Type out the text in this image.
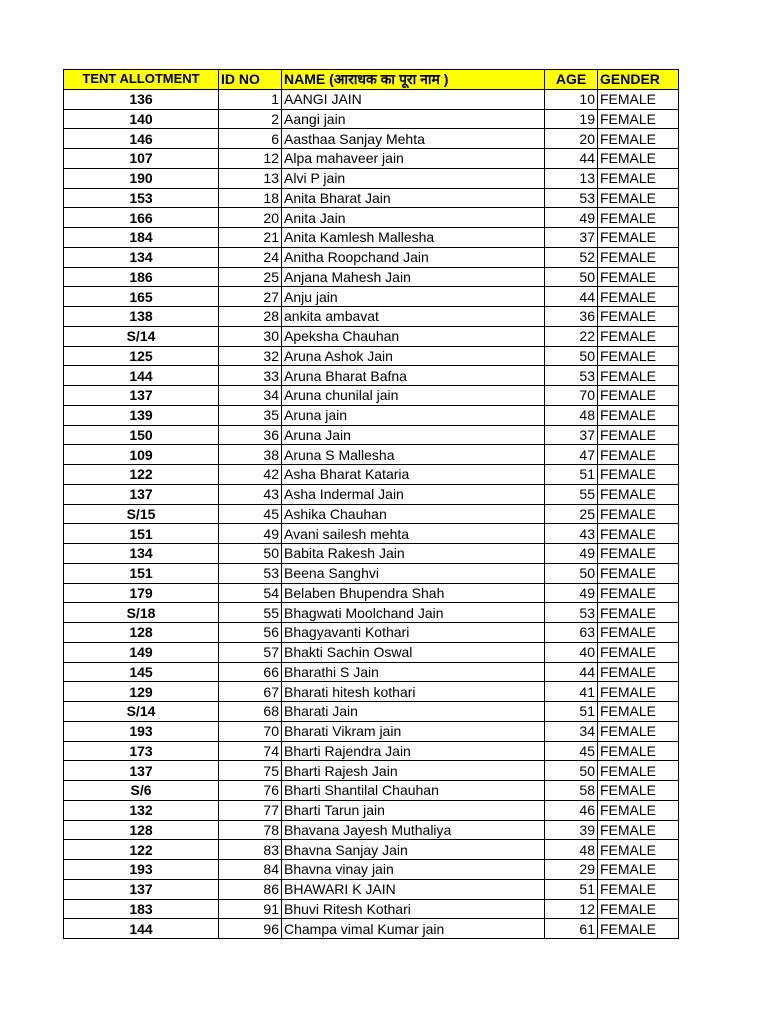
TENT ALLOTMENT	ID NO	NAME (आराधक का पूरा नाम )	AGE	GENDER
136	1	AANGI JAIN	10	FEMALE
140	2	Aangi jain	19	FEMALE
146	6	Aasthaa Sanjay Mehta	20	FEMALE
107	12	Alpa mahaveer jain	44	FEMALE
190	13	Alvi P jain	13	FEMALE
153	18	Anita Bharat Jain	53	FEMALE
166	20	Anita Jain	49	FEMALE
184	21	Anita Kamlesh Mallesha	37	FEMALE
134	24	Anitha Roopchand Jain	52	FEMALE
186	25	Anjana Mahesh Jain	50	FEMALE
165	27	Anju jain	44	FEMALE
138	28	ankita ambavat	36	FEMALE
S/14	30	Apeksha Chauhan	22	FEMALE
125	32	Aruna Ashok Jain	50	FEMALE
144	33	Aruna Bharat Bafna	53	FEMALE
137	34	Aruna chunilal jain	70	FEMALE
139	35	Aruna jain	48	FEMALE
150	36	Aruna Jain	37	FEMALE
109	38	Aruna S Mallesha	47	FEMALE
122	42	Asha Bharat Kataria	51	FEMALE
137	43	Asha Indermal Jain	55	FEMALE
S/15	45	Ashika Chauhan	25	FEMALE
151	49	Avani sailesh mehta	43	FEMALE
134	50	Babita Rakesh Jain	49	FEMALE
151	53	Beena Sanghvi	50	FEMALE
179	54	Belaben Bhupendra Shah	49	FEMALE
S/18	55	Bhagwati Moolchand Jain	53	FEMALE
128	56	Bhagyavanti Kothari	63	FEMALE
149	57	Bhakti Sachin Oswal	40	FEMALE
145	66	Bharathi S Jain	44	FEMALE
129	67	Bharati hitesh kothari	41	FEMALE
S/14	68	Bharati Jain	51	FEMALE
193	70	Bharati Vikram jain	34	FEMALE
173	74	Bharti Rajendra Jain	45	FEMALE
137	75	Bharti Rajesh Jain	50	FEMALE
S/6	76	Bharti Shantilal Chauhan	58	FEMALE
132	77	Bharti Tarun jain	46	FEMALE
128	78	Bhavana Jayesh Muthaliya	39	FEMALE
122	83	Bhavna Sanjay Jain	48	FEMALE
193	84	Bhavna vinay jain	29	FEMALE
137	86	BHAWARI K JAIN	51	FEMALE
183	91	Bhuvi Ritesh Kothari	12	FEMALE
144	96	Champa vimal Kumar jain	61	FEMALE
